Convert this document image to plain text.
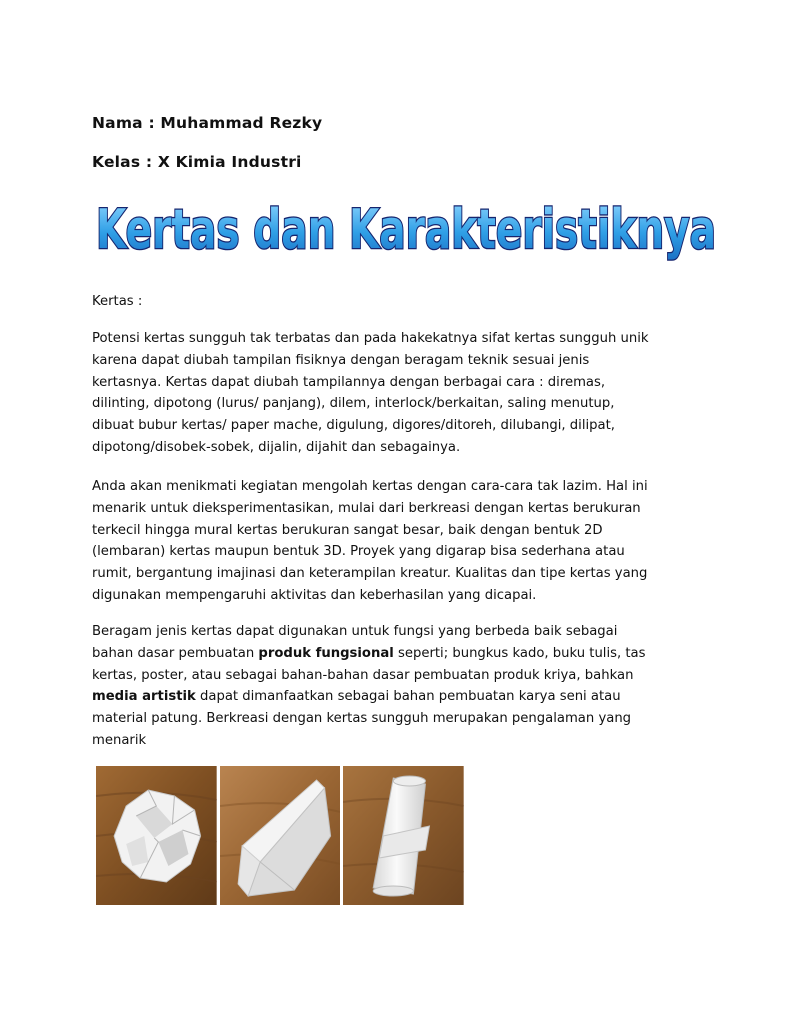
Nama : Muhammad Rezky
Kelas : X Kimia Industri
Kertas dan Karakteristiknya
Kertas :
Potensi kertas sungguh tak terbatas dan pada hakekatnya sifat kertas sungguh unik
karena dapat diubah tampilan fisiknya dengan beragam teknik sesuai jenis
kertasnya. Kertas dapat diubah tampilannya dengan berbagai cara : diremas,
dilinting, dipotong (lurus/ panjang), dilem, interlock/berkaitan, saling menutup,
dibuat bubur kertas/ paper mache, digulung, digores/ditoreh, dilubangi, dilipat,
dipotong/disobek-sobek, dijalin, dijahit dan sebagainya.
Anda akan menikmati kegiatan mengolah kertas dengan cara-cara tak lazim. Hal ini
menarik untuk dieksperimentasikan, mulai dari berkreasi dengan kertas berukuran
terkecil hingga mural kertas berukuran sangat besar, baik dengan bentuk 2D
(lembaran) kertas maupun bentuk 3D. Proyek yang digarap bisa sederhana atau
rumit, bergantung imajinasi dan keterampilan kreatur. Kualitas dan tipe kertas yang
digunakan mempengaruhi aktivitas dan keberhasilan yang dicapai.
Beragam jenis kertas dapat digunakan untuk fungsi yang berbeda baik sebagai
bahan dasar pembuatan produk fungsional seperti; bungkus kado, buku tulis, tas
kertas, poster, atau sebagai bahan-bahan dasar pembuatan produk kriya, bahkan
media artistik dapat dimanfaatkan sebagai bahan pembuatan karya seni atau
material patung. Berkreasi dengan kertas sungguh merupakan pengalaman yang
menarik
